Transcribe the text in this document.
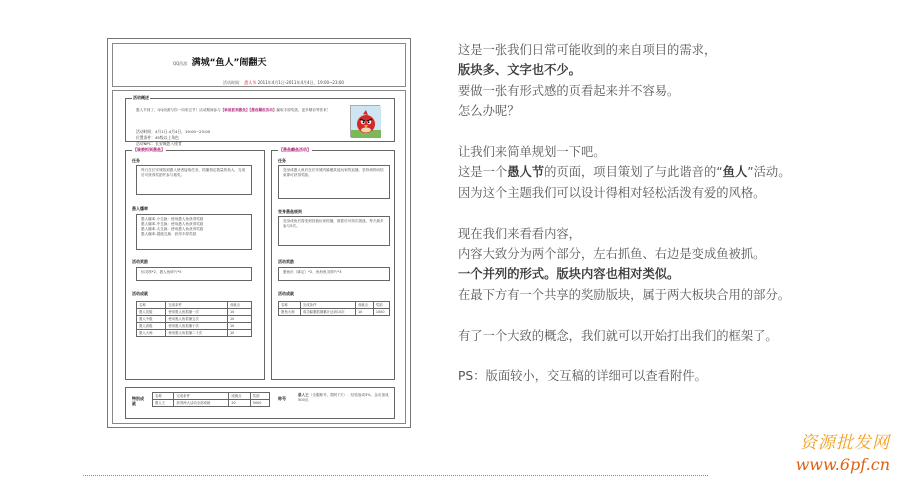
QQ西游 满城“鱼人”闹翻天
活动时间： 愚人节 2011年4月1日-2011年4月4日，19:00~23:00
活动概述
愚人节到了，QQ西游与你一同来过节！活动期间参与【谁被抓到愚鱼】【愚鱼翻鱼活动】赢取丰厚奖励，更多精彩等你来！
活动时间：4月1日-4月4日，19:00~23:00
位置条件：45级以上角色
活动NPC：长安城愚人使者
【谁被抓到愚鱼】
任务
每日在长安城找到愚人使者接取任务，抓捕指定数量的鱼人，完成后可获得奖励并参与抽奖。
愚人爆率
愚人爆率-小兑换：使用愚人鱼获得奖励
愚人爆率-中兑换：使用愚人鱼获得奖励
愚人爆率-大兑换：使用愚人鱼获得奖励
愚人爆率-超级兑换：获得丰厚奖励
活动奖励
仙灵珠*2、愚人鱼碎片*5
活动成就
名称	完成条件	成就点
愚人初级	使用愚人鱼抓捕一次	10
愚人中级	使用愚人鱼抓捕五次	10
愚人高级	使用愚人鱼抓捕十次	10
愚人大师	使用愚人鱼抓捕二十次	10
【愚鱼翻鱼活动】
任务
变身成愚人鱼后在长安城内躲避其他玩家的追捕，坚持到时间结束即可获得奖励。
变身愚鱼规则
变身成鱼后将受到其他玩家抓捕，被抓后可再次挑战，每天最多参与5次。
活动奖励
愚鱼币（绑定）*2、鱼形鱼灵碎片*3
活动成就
名称	完成条件	成就点	奖励
愚鱼大师	成功躲避抓捕累计达到10次	10	1000
特别成就
名称	完成条件	成就点	奖励
愚人王	获得两大活动全部成就	20	5000
称号
愚人王（全服称号，限时7天）：经验加成3%，金币加成500点

这是一张我们日常可能收到的来自项目的需求，

版块多、文字也不少。

要做一张有形式感的页看起来并不容易。

怎么办呢？

让我们来简单规划一下吧。

这是一个愚人节的页面，项目策划了与此谐音的“鱼人”活动。

因为这个主题我们可以设计得相对轻松活泼有爱的风格。

现在我们来看看内容，

内容大致分为两个部分，左右抓鱼、右边是变成鱼被抓。

一个并列的形式。版块内容也相对类似。

在最下方有一个共享的奖励版块，属于两大板块合用的部分。

有了一个大致的概念，我们就可以开始打出我们的框架了。

PS：版面较小，交互稿的详细可以查看附件。

资源批发网
www.6pf.cn
